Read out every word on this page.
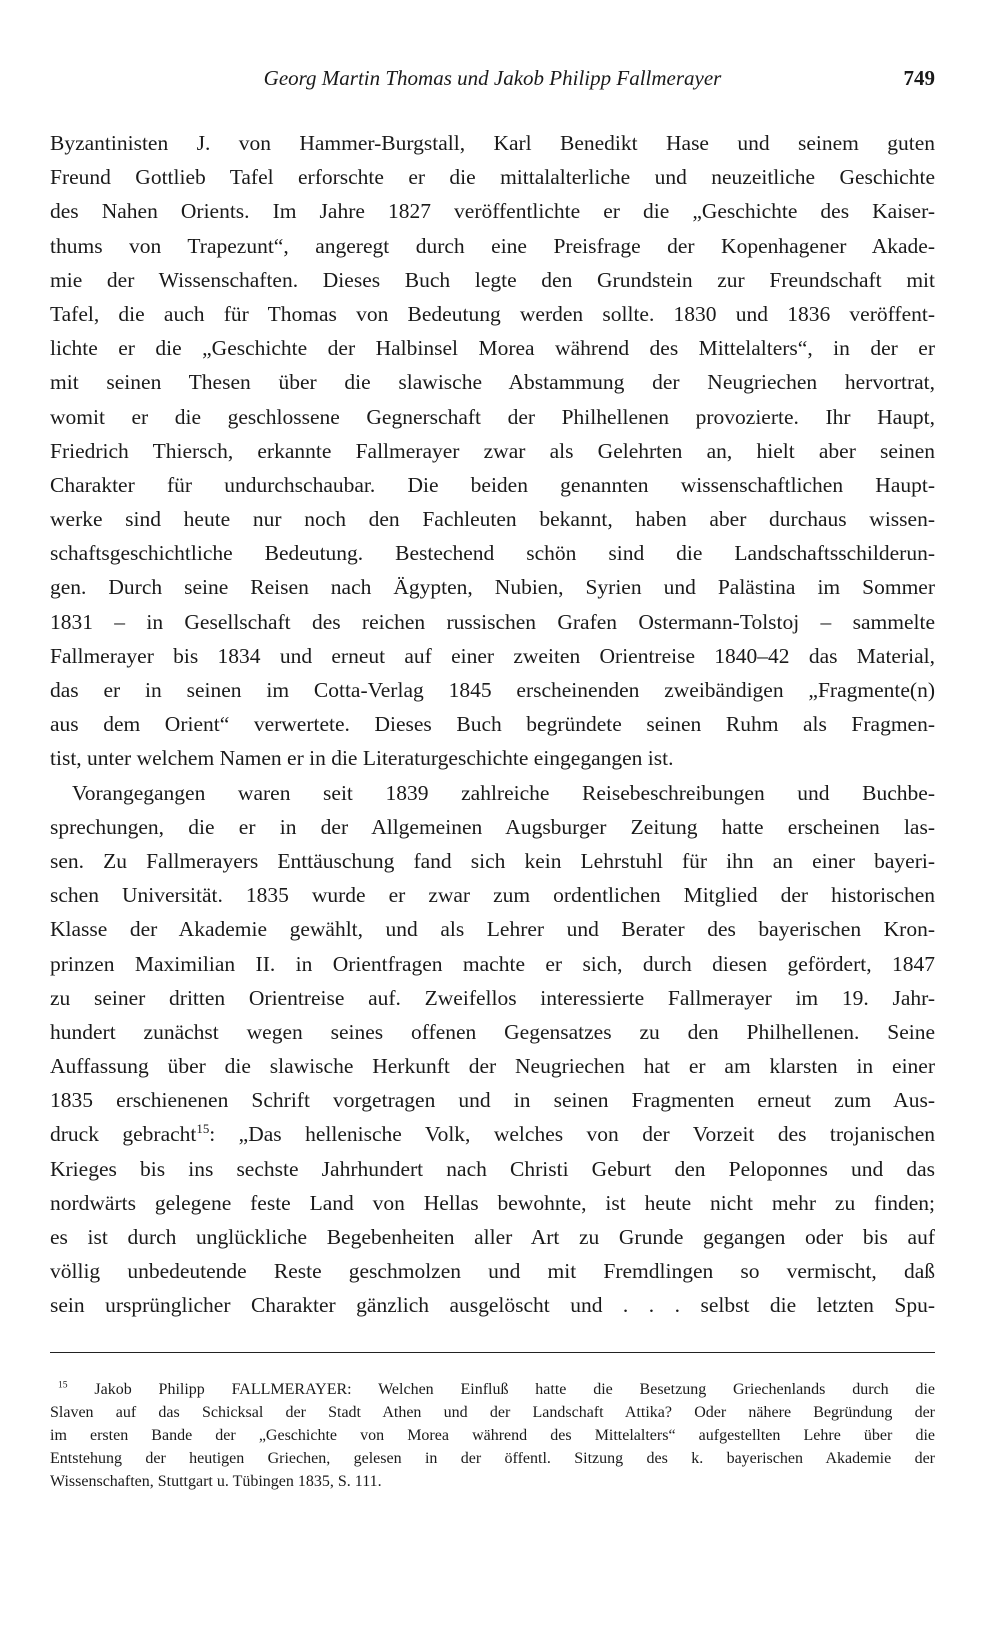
Georg Martin Thomas und Jakob Philipp Fallmerayer	749
Byzantinisten J. von Hammer-Burgstall, Karl Benedikt Hase und seinem guten
Freund Gottlieb Tafel erforschte er die mittalalterliche und neuzeitliche Geschichte
des Nahen Orients. Im Jahre 1827 veröffentlichte er die „Geschichte des Kaiser-
thums von Trapezunt“, angeregt durch eine Preisfrage der Kopenhagener Akade-
mie der Wissenschaften. Dieses Buch legte den Grundstein zur Freundschaft mit
Tafel, die auch für Thomas von Bedeutung werden sollte. 1830 und 1836 veröffent-
lichte er die „Geschichte der Halbinsel Morea während des Mittelalters“, in der er
mit seinen Thesen über die slawische Abstammung der Neugriechen hervortrat,
womit er die geschlossene Gegnerschaft der Philhellenen provozierte. Ihr Haupt,
Friedrich Thiersch, erkannte Fallmerayer zwar als Gelehrten an, hielt aber seinen
Charakter für undurchschaubar. Die beiden genannten wissenschaftlichen Haupt-
werke sind heute nur noch den Fachleuten bekannt, haben aber durchaus wissen-
schaftsgeschichtliche Bedeutung. Bestechend schön sind die Landschaftsschilderun-
gen. Durch seine Reisen nach Ägypten, Nubien, Syrien und Palästina im Sommer
1831 – in Gesellschaft des reichen russischen Grafen Ostermann-Tolstoj – sammelte
Fallmerayer bis 1834 und erneut auf einer zweiten Orientreise 1840–42 das Material,
das er in seinen im Cotta-Verlag 1845 erscheinenden zweibändigen „Fragmente(n)
aus dem Orient“ verwertete. Dieses Buch begründete seinen Ruhm als Fragmen-
tist, unter welchem Namen er in die Literaturgeschichte eingegangen ist.
Vorangegangen waren seit 1839 zahlreiche Reisebeschreibungen und Buchbe-
sprechungen, die er in der Allgemeinen Augsburger Zeitung hatte erscheinen las-
sen. Zu Fallmerayers Enttäuschung fand sich kein Lehrstuhl für ihn an einer bayeri-
schen Universität. 1835 wurde er zwar zum ordentlichen Mitglied der historischen
Klasse der Akademie gewählt, und als Lehrer und Berater des bayerischen Kron-
prinzen Maximilian II. in Orientfragen machte er sich, durch diesen gefördert, 1847
zu seiner dritten Orientreise auf. Zweifellos interessierte Fallmerayer im 19. Jahr-
hundert zunächst wegen seines offenen Gegensatzes zu den Philhellenen. Seine
Auffassung über die slawische Herkunft der Neugriechen hat er am klarsten in einer
1835 erschienenen Schrift vorgetragen und in seinen Fragmenten erneut zum Aus-
druck gebracht$^{15}$: „Das hellenische Volk, welches von der Vorzeit des trojanischen
Krieges bis ins sechste Jahrhundert nach Christi Geburt den Peloponnes und das
nordwärts gelegene feste Land von Hellas bewohnte, ist heute nicht mehr zu finden;
es ist durch unglückliche Begebenheiten aller Art zu Grunde gegangen oder bis auf
völlig unbedeutende Reste geschmolzen und mit Fremdlingen so vermischt, daß
sein ursprünglicher Charakter gänzlich ausgelöscht und . . . selbst die letzten Spu-
$^{15}$ Jakob Philipp FALLMERAYER: Welchen Einfluß hatte die Besetzung Griechenlands durch die
Slaven auf das Schicksal der Stadt Athen und der Landschaft Attika? Oder nähere Begründung der
im ersten Bande der „Geschichte von Morea während des Mittelalters“ aufgestellten Lehre über die
Entstehung der heutigen Griechen, gelesen in der öffentl. Sitzung des k. bayerischen Akademie der
Wissenschaften, Stuttgart u. Tübingen 1835, S. 111.
